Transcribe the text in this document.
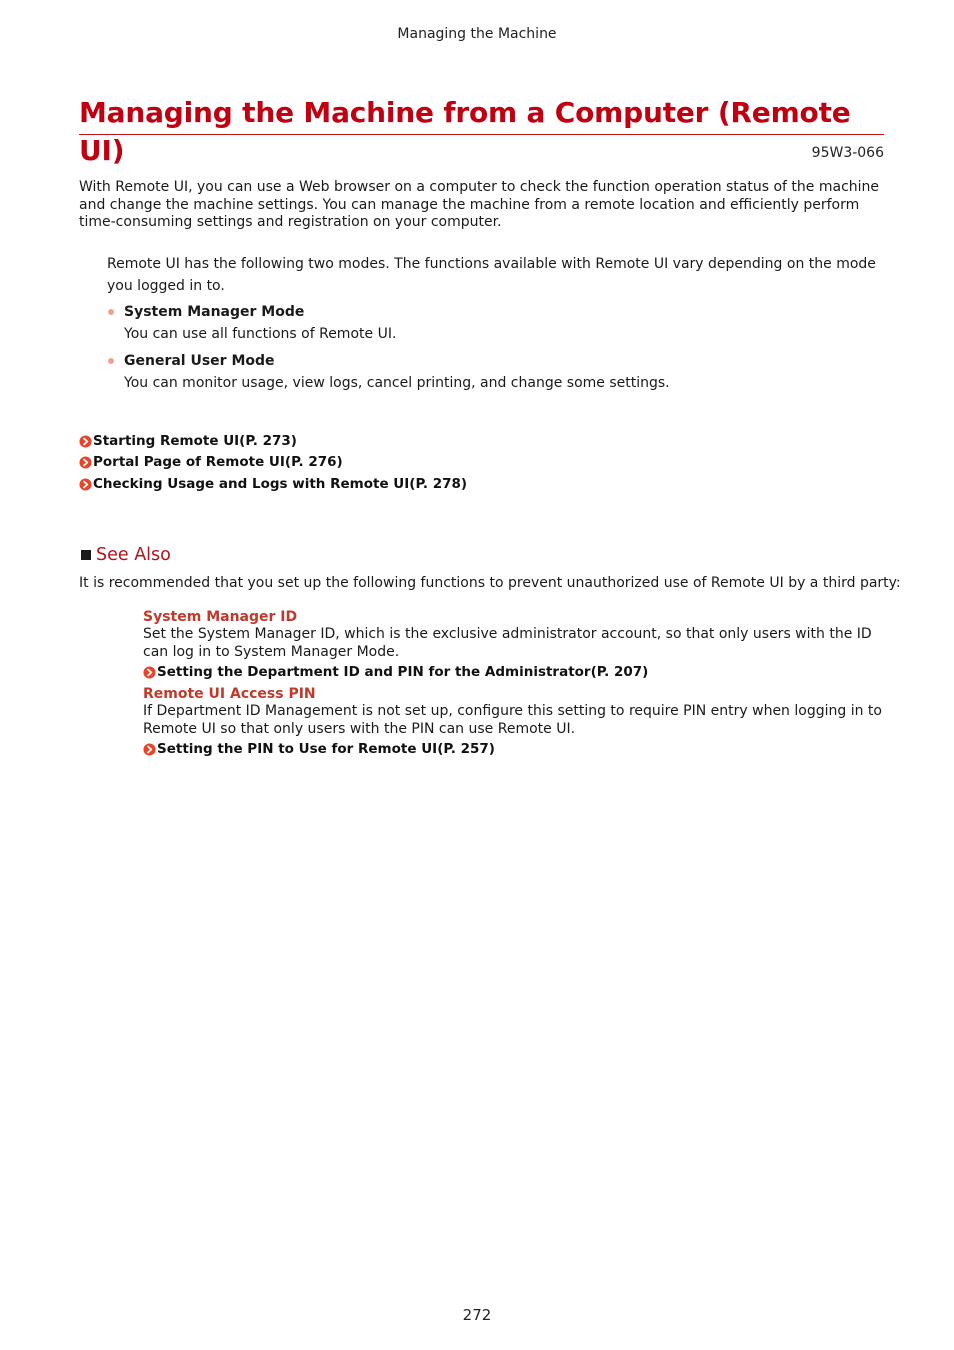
Managing the Machine
Managing the Machine from a Computer (Remote UI)	95W3-066

With Remote UI, you can use a Web browser on a computer to check the function operation status of the machine and change the machine settings. You can manage the machine from a remote location and efficiently perform time-consuming settings and registration on your computer.

Remote UI has the following two modes. The functions available with Remote UI vary depending on the mode you logged in to.

System Manager Mode
You can use all functions of Remote UI.
General User Mode
You can monitor usage, view logs, cancel printing, and change some settings.
Starting Remote UI(P. 273)
Portal Page of Remote UI(P. 276)
Checking Usage and Logs with Remote UI(P. 278)
See Also
It is recommended that you set up the following functions to prevent unauthorized use of Remote UI by a third party:
System Manager ID

Set the System Manager ID, which is the exclusive administrator account, so that only users with the ID can log in to System Manager Mode.

Setting the Department ID and PIN for the Administrator(P. 207)
Remote UI Access PIN

If Department ID Management is not set up, configure this setting to require PIN entry when logging in to Remote UI so that only users with the PIN can use Remote UI.

Setting the PIN to Use for Remote UI(P. 257)
272
